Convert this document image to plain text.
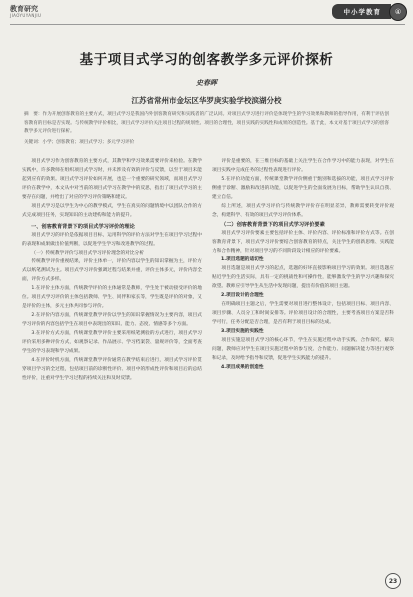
教育研究
JIAOYUYANJIU	中小学教育	④
基于项目式学习的创客教学多元评价探析
史春晖
江苏省常州市金坛区华罗庚实验学校滨湖分校
摘　要：作为开展创客教育的主要方式，项目式学习是我国内外创客教育研究和实践者的广泛认同。对项目式学习进行评价是体现学生的学习效果和教师的指导作用，有利于评估创客教育的目标是否实现。与传统教学评价相比，项目式学习评价关注项目过程的规划性、项目的合理性，项目实践的实践性和成果的创造性。基于此，本文对基于项目式学习的创客教学多元评价进行探析。
关键词：小学；创客教育；项目式学习；多元学习评价

项目式学习作为创客教育的主要方式，其教学和学习效果需要评价来检验。在教学实践中，许多教师在组织项目式学习时，并未涉及有效的评价与反馈，以至于项目未能起到应有的效果。项目式学习评价如何开展，也是一个重要的研究领域，而项目式学习评价在教学中，本文从中对当前的项目式学习在教学中的反思，指出了项目式学习的主要存在问题，并给出了对应的学习评价策略和建议。

项目式学习是以学生为中心的教学模式，学生在真实的问题情境中以团队合作的方式完成项目任务，实现知识的主动建构和能力的提升。

一、创客教育背景下的项目式学习评价的理论

项目式学习的评价是依据项目目标，运用科学的评价方法对学生在项目学习过程中的表现和成果做出价值判断，以促进学生学习和改进教学的过程。

（一）传统教学评价与项目式学习评价理念的对比分析

传统教学评价重视结果，评价主体单一，评价内容以学生的知识掌握为主，评价方式以纸笔测试为主。项目式学习评价强调过程与结果并重，评价主体多元，评价内容全面，评价方式多样。

1.在评价主体方面，传统教学评价的主体通常是教师，学生处于被动接受评价的地位。项目式学习评价的主体包括教师、学生、同伴和家长等，学生既是评价的对象，又是评价的主体，多元主体共同参与评价。

2.在评价内容方面，传统课堂教学评价以学生的知识掌握情况为主要内容，项目式学习评价的内容包括学生在项目中表现出的知识、能力、态度、情感等多个方面。

3.在评价方式方面，传统课堂教学评价主要采用纸笔测验的方式进行，项目式学习评价采用多种评价方式，如观察记录、作品展示、学习档案袋、量规评价等，全面考查学生的学习表现和学习成果。

4.在评价时机方面，传统课堂教学评价通常在教学结束后进行，项目式学习评价贯穿项目学习的全过程，包括项目前的诊断性评价、项目中的形成性评价和项目后的总结性评价，注重对学生学习过程的持续关注和及时反馈。

评价是重要的，在三维目标的基础上关注学生在合作学习中的能力表现，对学生在项目实践中完成任务的过程性表现进行评价。

5.在评价功能方面，传统课堂教学评价侧重于甄别和选拔的功能，项目式学习评价侧重于诊断、激励和改进的功能，以促进学生的全面发展为目标，帮助学生认识自我、建立自信。

综上所述，项目式学习评价与传统教学评价存在明显差异，教师需要转变评价观念，构建科学、有效的项目式学习评价体系。

（二）创客教育背景下的项目式学习评价要素

项目式学习评价要素主要包括评价主体、评价内容、评价标准和评价方式等。在创客教育背景下，项目式学习评价要结合创客教育的特点，关注学生的创新思维、实践能力和合作精神，针对项目学习的不同阶段设计相应的评价要素。

1.项目选题的适切性

项目选题是项目式学习的起点，选题的好坏直接影响项目学习的效果。项目选题应贴近学生的生活实际，具有一定的挑战性和可操作性，能够激发学生的学习兴趣和探究欲望。教师应引导学生从生活中发现问题，提出有价值的项目主题。

2.项目设计的合理性

在明确项目主题之后，学生需要对项目进行整体设计，包括项目目标、项目内容、项目步骤、人员分工和时间安排等。评价项目设计的合理性，主要考查项目方案是否科学可行，任务分配是否合理，是否有利于项目目标的达成。

3.项目实施的实践性

项目实施是项目式学习的核心环节，学生在实施过程中动手实践、合作探究、解决问题，教师应对学生在项目实施过程中的参与度、合作能力、问题解决能力等进行观察和记录，及时给予指导和反馈，促进学生实践能力的提升。

4.项目成果的创造性

23
